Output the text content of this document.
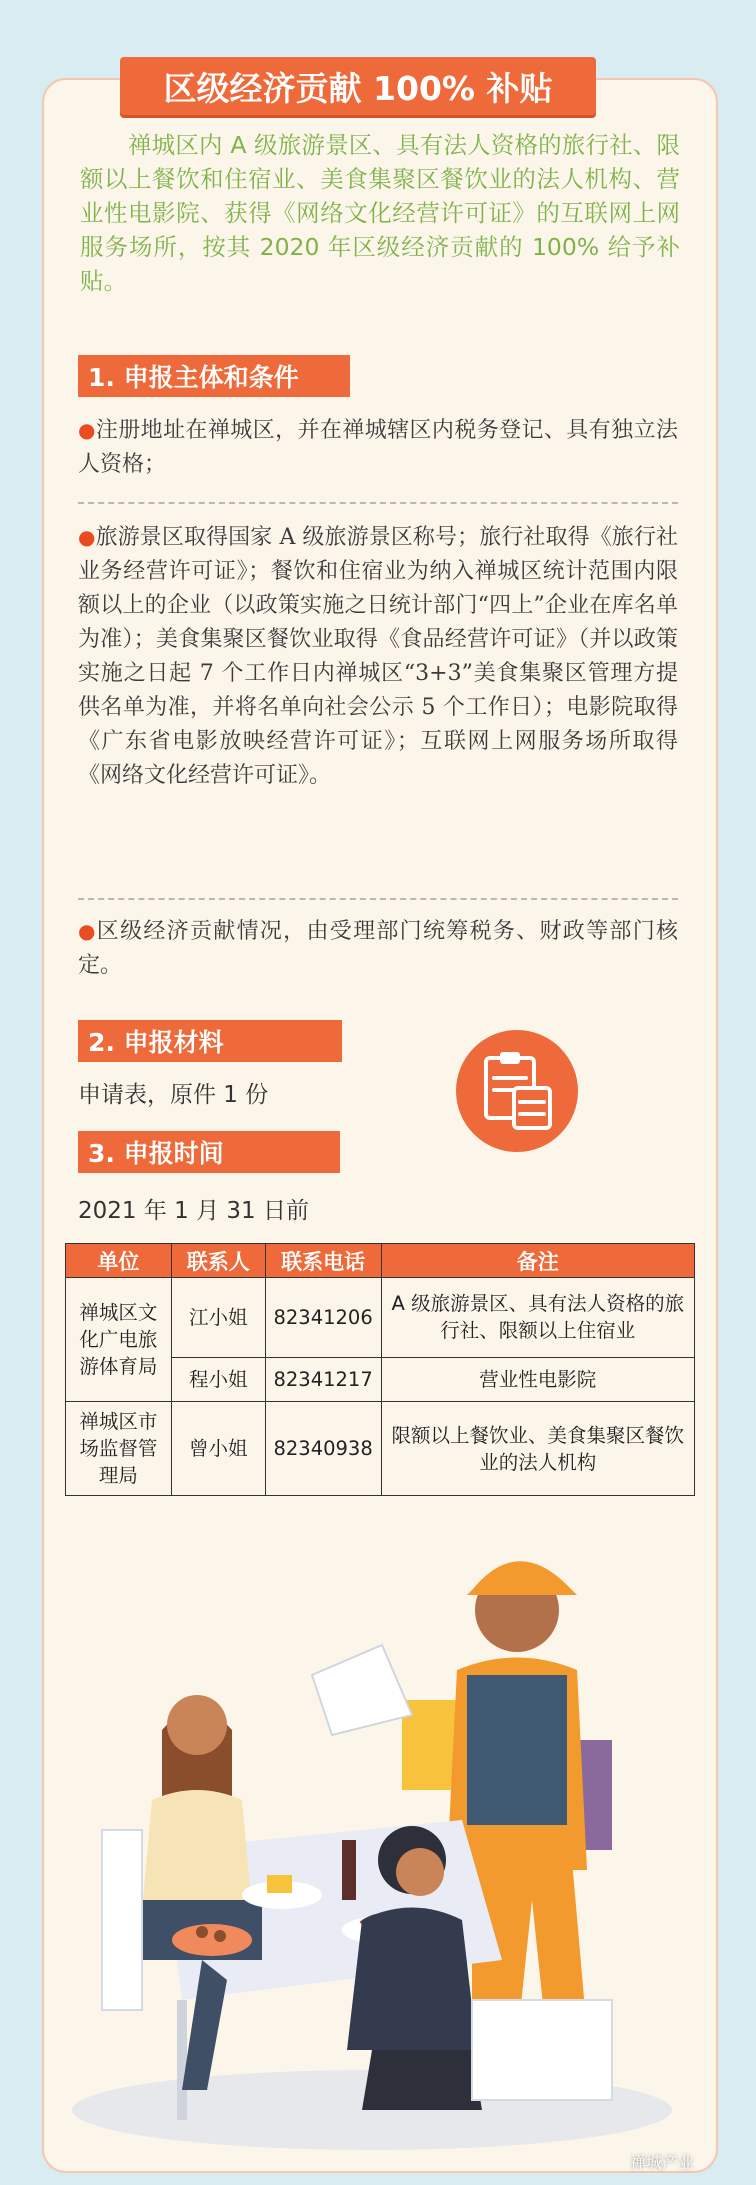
区级经济贡献 100% 补贴

禅城区内 A 级旅游景区、具有法人资格的旅行社、限额以上餐饮和住宿业、美食集聚区餐饮业的法人机构、营业性电影院、获得《网络文化经营许可证》的互联网上网服务场所，按其 2020 年区级经济贡献的 100% 给予补贴。

1. 申报主体和条件
●注册地址在禅城区，并在禅城辖区内税务登记、具有独立法人资格；
●旅游景区取得国家 A 级旅游景区称号；旅行社取得《旅行社业务经营许可证》；餐饮和住宿业为纳入禅城区统计范围内限额以上的企业（以政策实施之日统计部门“四上”企业在库名单为准）；美食集聚区餐饮业取得《食品经营许可证》（并以政策实施之日起 7 个工作日内禅城区“3+3”美食集聚区管理方提供名单为准，并将名单向社会公示 5 个工作日）；电影院取得《广东省电影放映经营许可证》；互联网上网服务场所取得《网络文化经营许可证》。
●区级经济贡献情况，由受理部门统筹税务、财政等部门核定。
2. 申报材料
申请表，原件 1 份
3. 申报时间
2021 年 1 月 31 日前
单位	联系人	联系电话	备注
禅城区文化广电旅游体育局	江小姐	82341206	A 级旅游景区、具有法人资格的旅行社、限额以上住宿业
	程小姐	82341217	营业性电影院
禅城区市场监督管理局	曾小姐	82340938	限额以上餐饮业、美食集聚区餐饮业的法人机构
禅城产业
